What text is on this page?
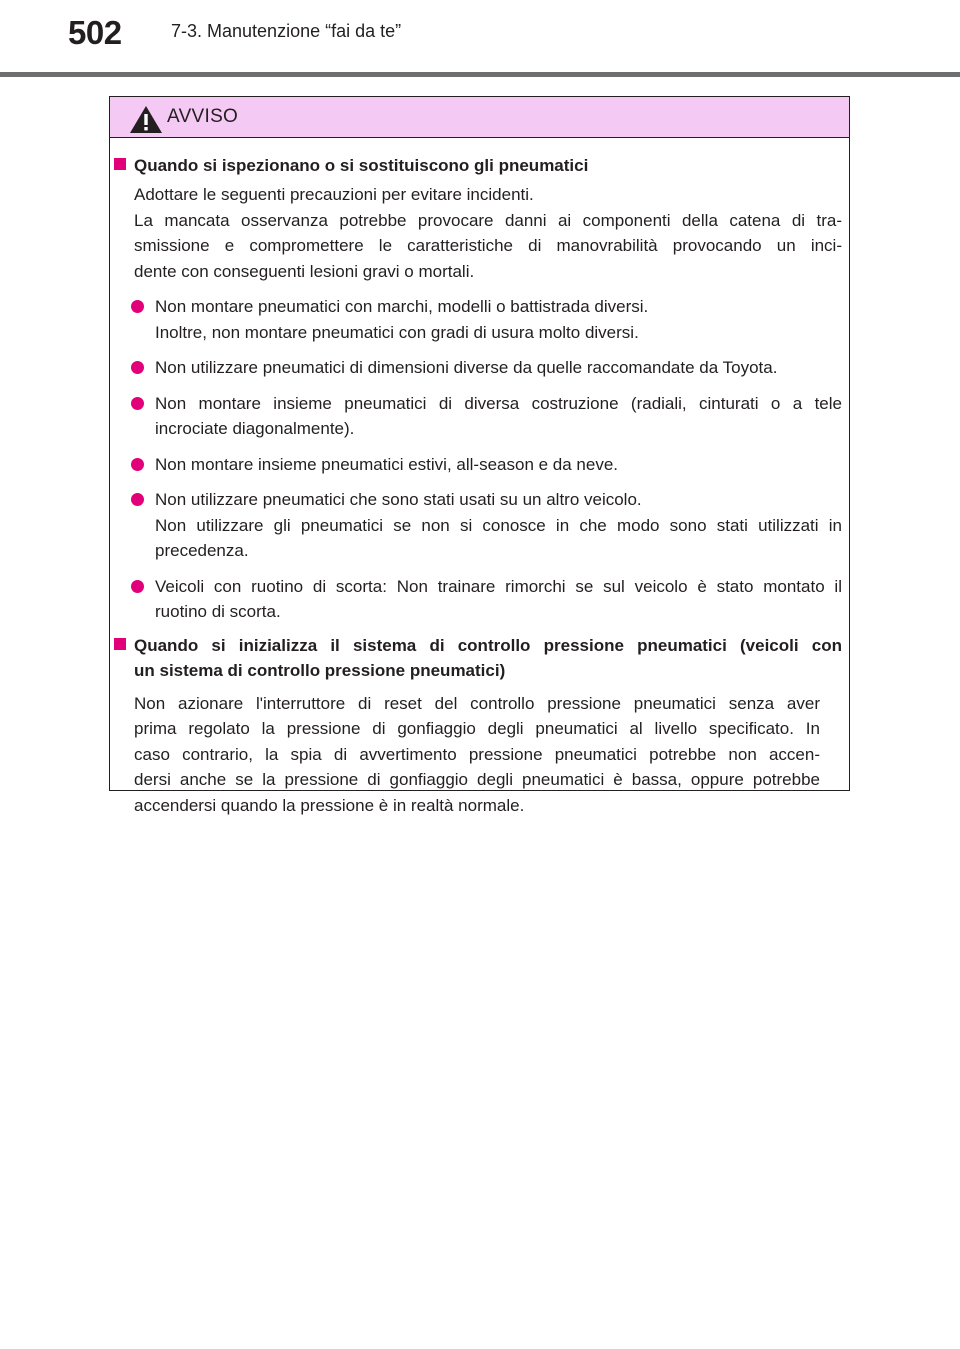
502	7-3. Manutenzione “fai da te”
AVVISO
Quando si ispezionano o si sostituiscono gli pneumatici
Adottare le seguenti precauzioni per evitare incidenti.
La mancata osservanza potrebbe provocare danni ai componenti della catena di tra-
smissione e compromettere le caratteristiche di manovrabilità provocando un inci-
dente con conseguenti lesioni gravi o mortali.
Non montare pneumatici con marchi, modelli o battistrada diversi.
Inoltre, non montare pneumatici con gradi di usura molto diversi.
Non utilizzare pneumatici di dimensioni diverse da quelle raccomandate da Toyota.
Non montare insieme pneumatici di diversa costruzione (radiali, cinturati o a tele
incrociate diagonalmente).
Non montare insieme pneumatici estivi, all-season e da neve.
Non utilizzare pneumatici che sono stati usati su un altro veicolo.
Non utilizzare gli pneumatici se non si conosce in che modo sono stati utilizzati in
precedenza.
Veicoli con ruotino di scorta: Non trainare rimorchi se sul veicolo è stato montato il
ruotino di scorta.
Quando si inizializza il sistema di controllo pressione pneumatici (veicoli con
un sistema di controllo pressione pneumatici)
Non azionare l'interruttore di reset del controllo pressione pneumatici senza aver
prima regolato la pressione di gonfiaggio degli pneumatici al livello specificato. In
caso contrario, la spia di avvertimento pressione pneumatici potrebbe non accen-
dersi anche se la pressione di gonfiaggio degli pneumatici è bassa, oppure potrebbe
accendersi quando la pressione è in realtà normale.
